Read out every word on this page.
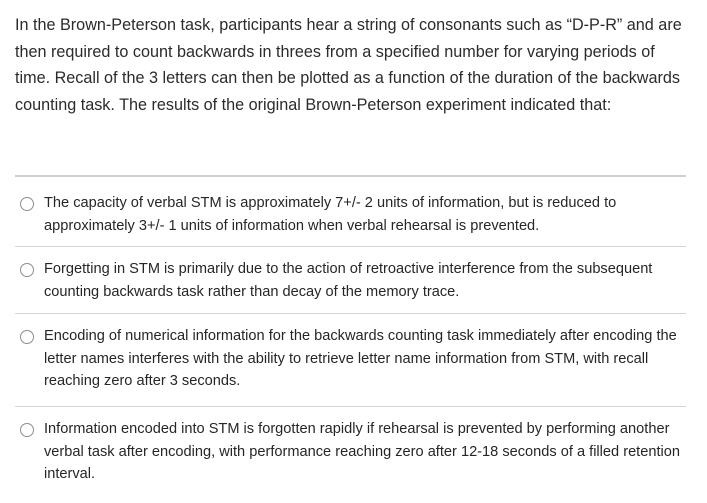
In the Brown-Peterson task, participants hear a string of consonants such as “D-P-R” and are then required to count backwards in threes from a specified number for varying periods of time. Recall of the 3 letters can then be plotted as a function of the duration of the backwards counting task. The results of the original Brown-Peterson experiment indicated that:

The capacity of verbal STM is approximately 7+/- 2 units of information, but is reduced to approximately 3+/- 1 units of information when verbal rehearsal is prevented.

Forgetting in STM is primarily due to the action of retroactive interference from the subsequent counting backwards task rather than decay of the memory trace.

Encoding of numerical information for the backwards counting task immediately after encoding the letter names interferes with the ability to retrieve letter name information from STM, with recall reaching zero after 3 seconds.

Information encoded into STM is forgotten rapidly if rehearsal is prevented by performing another verbal task after encoding, with performance reaching zero after 12-18 seconds of a filled retention interval.
